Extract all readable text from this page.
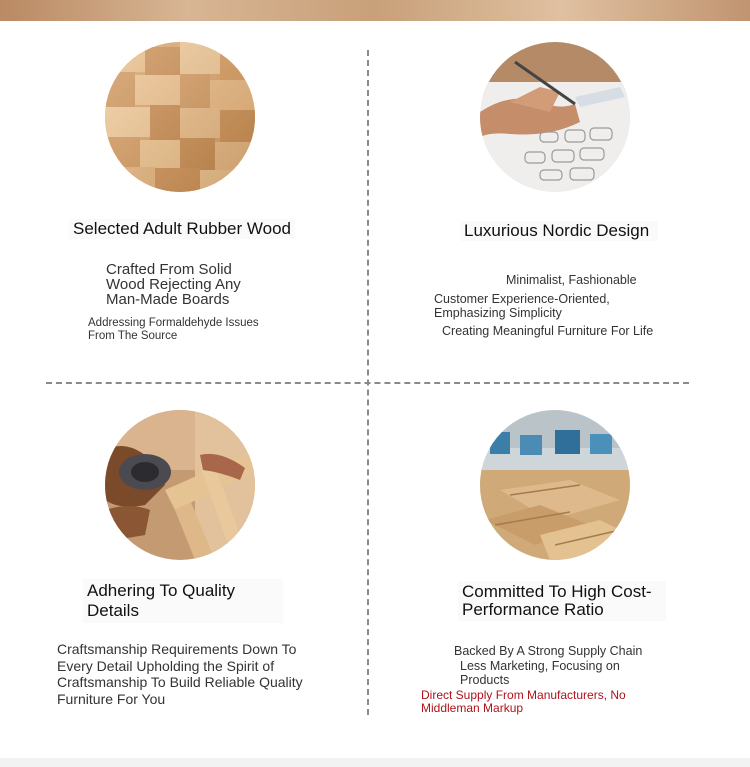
Selected Adult Rubber Wood
Crafted From Solid Wood Rejecting Any Man-Made Boards
Addressing Formaldehyde Issues From The Source
Luxurious Nordic Design
Minimalist, Fashionable
Customer Experience-Oriented, Emphasizing Simplicity
Creating Meaningful Furniture For Life
Adhering To Quality Details
Craftsmanship Requirements Down To Every Detail Upholding the Spirit of Craftsmanship To Build Reliable Quality Furniture For You
Committed To High Cost-Performance Ratio
Backed By A Strong Supply Chain
Less Marketing, Focusing on Products
Direct Supply From Manufacturers, No Middleman Markup
